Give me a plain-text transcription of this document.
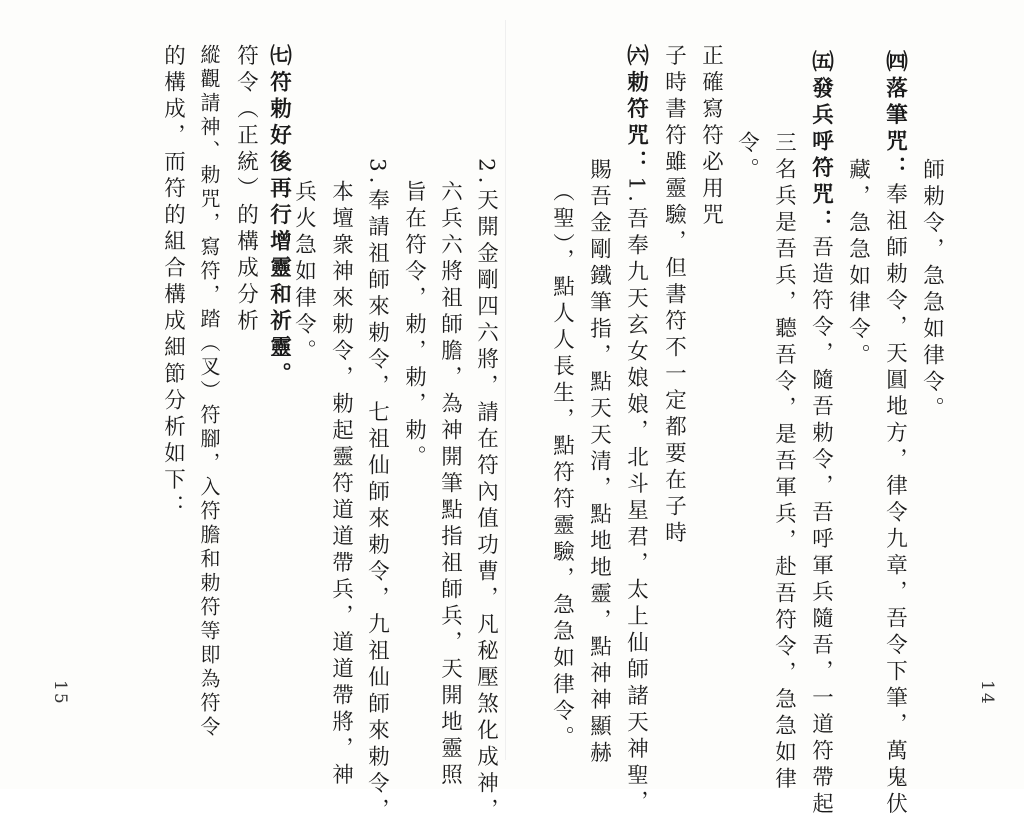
師勅令，急急如律令。
㈣落筆咒：奉祖師勅令，天圓地方，律令九章，吾令下筆，萬鬼伏
藏，急急如律令。
㈤發兵呼符咒：吾造符令，隨吾勅令，吾呼軍兵隨吾，一道符帶起
三名兵是吾兵，聽吾令，是吾軍兵，赴吾符令，急急如律
令。
正確寫符必用咒
子時書符雖靈驗，但書符不一定都要在子時
㈥勅符咒：1.吾奉九天玄女娘娘，北斗星君，太上仙師諸天神聖，
賜吾金剛鐵筆指，點天天清，點地地靈，點神神顯赫
（聖），點人人長生，點符符靈驗，急急如律令。	14
2.天開金剛四六將，請在符內值功曹，凡秘壓煞化成神，
六兵六將祖師膽，為神開筆點指祖師兵，天開地靈照
旨在符令，勅，勅，勅。
3.奉請祖師來勅令，七祖仙師來勅令，九祖仙師來勅令，
本壇衆神來勅令，勅起靈符道道帶兵，道道帶將，神
兵火急如律令。
㈦符勅好後再行增靈和祈靈。
符令（正統）的構成分析
縱觀請神、勅咒，寫符，踏（叉）符腳，入符膽和勅符等即為符令
的構成，而符的組合構成細節分析如下：
15
